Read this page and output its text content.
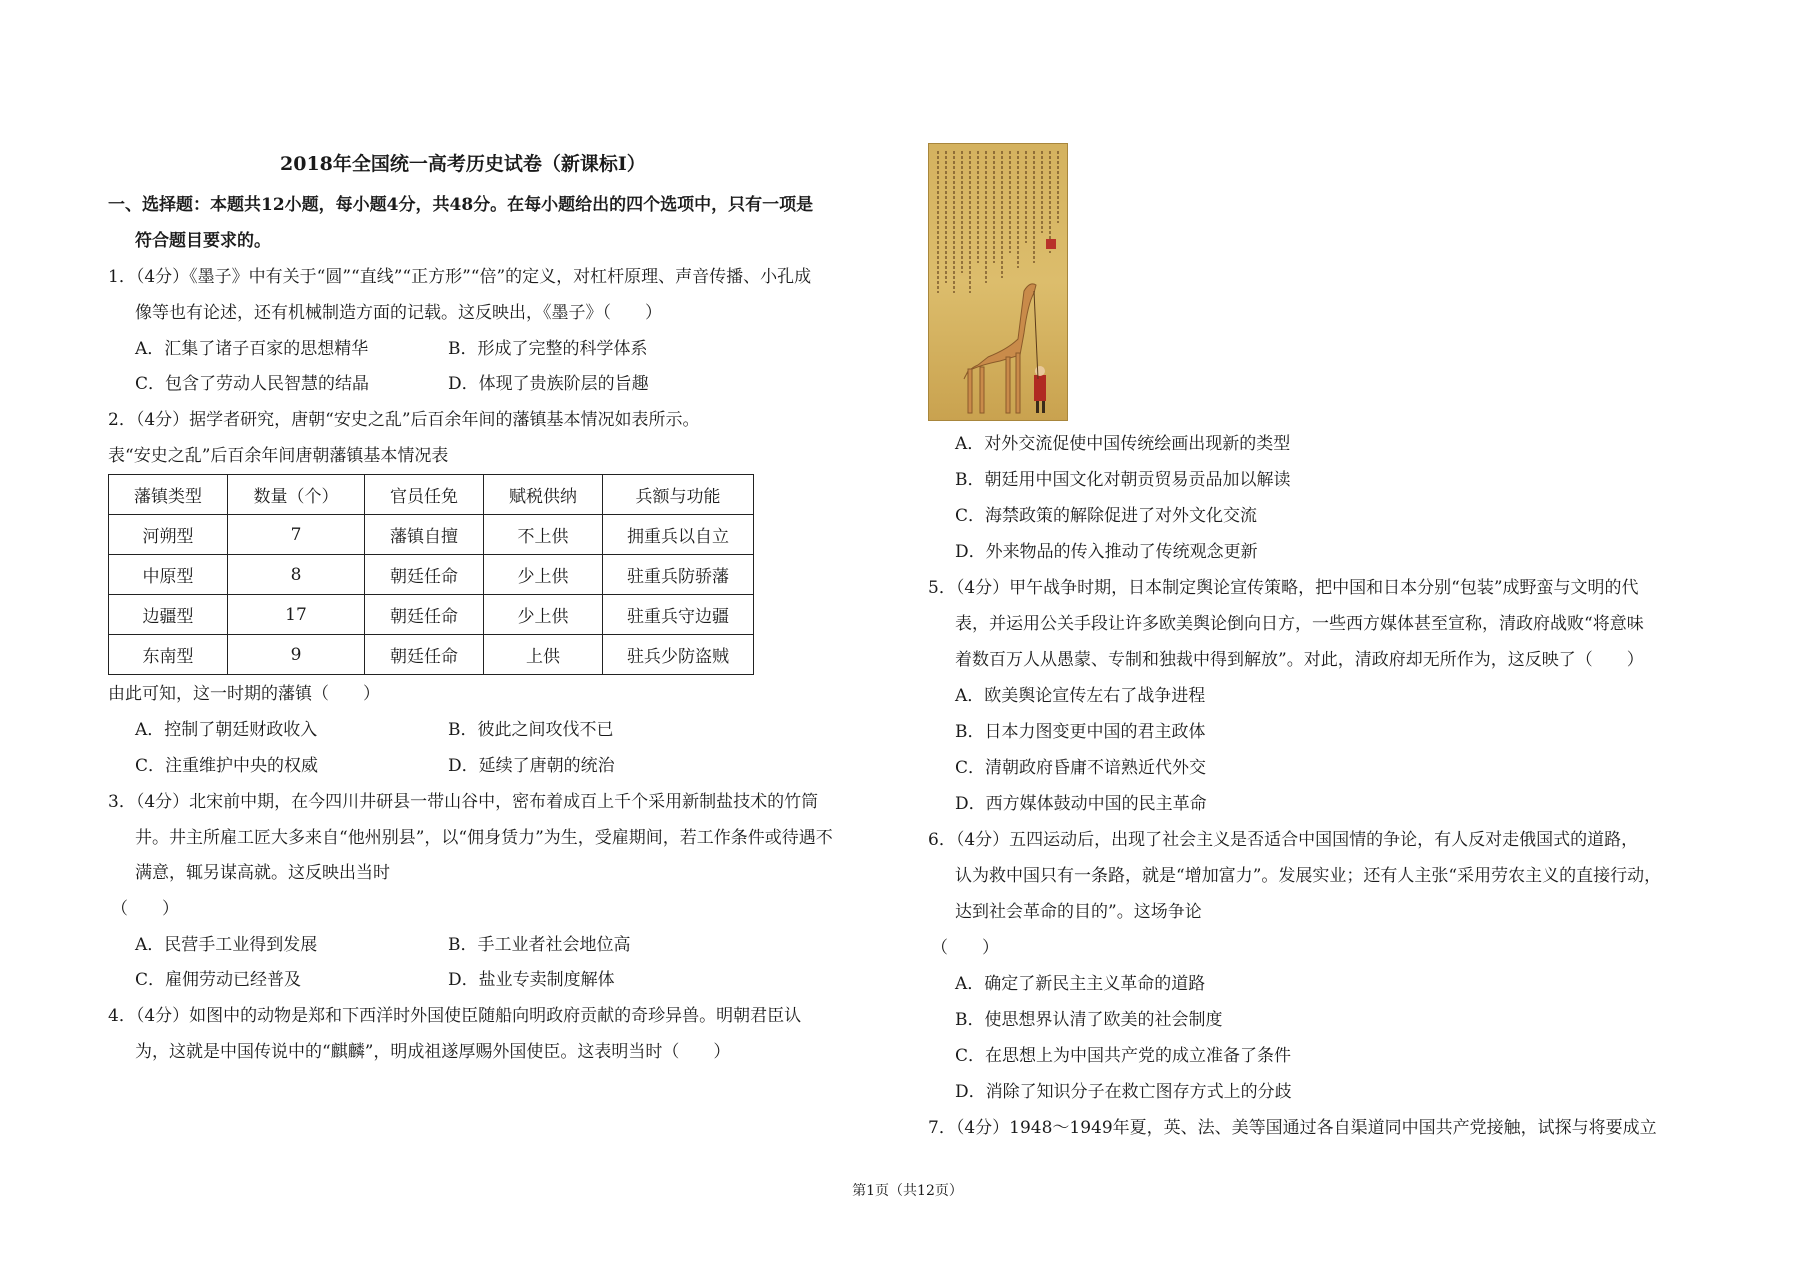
2018年全国统一高考历史试卷（新课标Ⅰ）
一、选择题：本题共12小题，每小题4分，共48分。在每小题给出的四个选项中，只有一项是
符合题目要求的。
1．（4分）《墨子》中有关于“圆”“直线”“正方形”“倍”的定义，对杠杆原理、声音传播、小孔成
像等也有论述，还有机械制造方面的记载。这反映出，《墨子》（　　）
A．汇集了诸子百家的思想精华	B．形成了完整的科学体系
C．包含了劳动人民智慧的结晶	D．体现了贵族阶层的旨趣
2．（4分）据学者研究，唐朝“安史之乱”后百余年间的藩镇基本情况如表所示。
表“安史之乱”后百余年间唐朝藩镇基本情况表
藩镇类型	数量（个）	官员任免	赋税供纳	兵额与功能
河朔型	7	藩镇自擅	不上供	拥重兵以自立
中原型	8	朝廷任命	少上供	驻重兵防骄藩
边疆型	17	朝廷任命	少上供	驻重兵守边疆
东南型	9	朝廷任命	上供	驻兵少防盗贼
由此可知，这一时期的藩镇（　　）
A．控制了朝廷财政收入	B．彼此之间攻伐不已
C．注重维护中央的权威	D．延续了唐朝的统治
3．（4分）北宋前中期，在今四川井研县一带山谷中，密布着成百上千个采用新制盐技术的竹筒
井。井主所雇工匠大多来自“他州别县”，以“佣身赁力”为生，受雇期间，若工作条件或待遇不
满意，辄另谋高就。这反映出当时
（　　）
A．民营手工业得到发展	B．手工业者社会地位高
C．雇佣劳动已经普及	D．盐业专卖制度解体
4．（4分）如图中的动物是郑和下西洋时外国使臣随船向明政府贡献的奇珍异兽。明朝君臣认
为，这就是中国传说中的“麒麟”，明成祖遂厚赐外国使臣。这表明当时（　　）
A．对外交流促使中国传统绘画出现新的类型
B．朝廷用中国文化对朝贡贸易贡品加以解读
C．海禁政策的解除促进了对外文化交流
D．外来物品的传入推动了传统观念更新
5．（4分）甲午战争时期，日本制定舆论宣传策略，把中国和日本分别“包装”成野蛮与文明的代
表，并运用公关手段让许多欧美舆论倒向日方，一些西方媒体甚至宣称，清政府战败“将意味
着数百万人从愚蒙、专制和独裁中得到解放”。对此，清政府却无所作为，这反映了（　　）
A．欧美舆论宣传左右了战争进程
B．日本力图变更中国的君主政体
C．清朝政府昏庸不谙熟近代外交
D．西方媒体鼓动中国的民主革命
6．（4分）五四运动后，出现了社会主义是否适合中国国情的争论，有人反对走俄国式的道路，
认为救中国只有一条路，就是“增加富力”。发展实业；还有人主张“采用劳农主义的直接行动，
达到社会革命的目的”。这场争论
（　　）
A．确定了新民主主义革命的道路
B．使思想界认清了欧美的社会制度
C．在思想上为中国共产党的成立准备了条件
D．消除了知识分子在救亡图存方式上的分歧
7．（4分）1948～1949年夏，英、法、美等国通过各自渠道同中国共产党接触，试探与将要成立
第1页（共12页）
